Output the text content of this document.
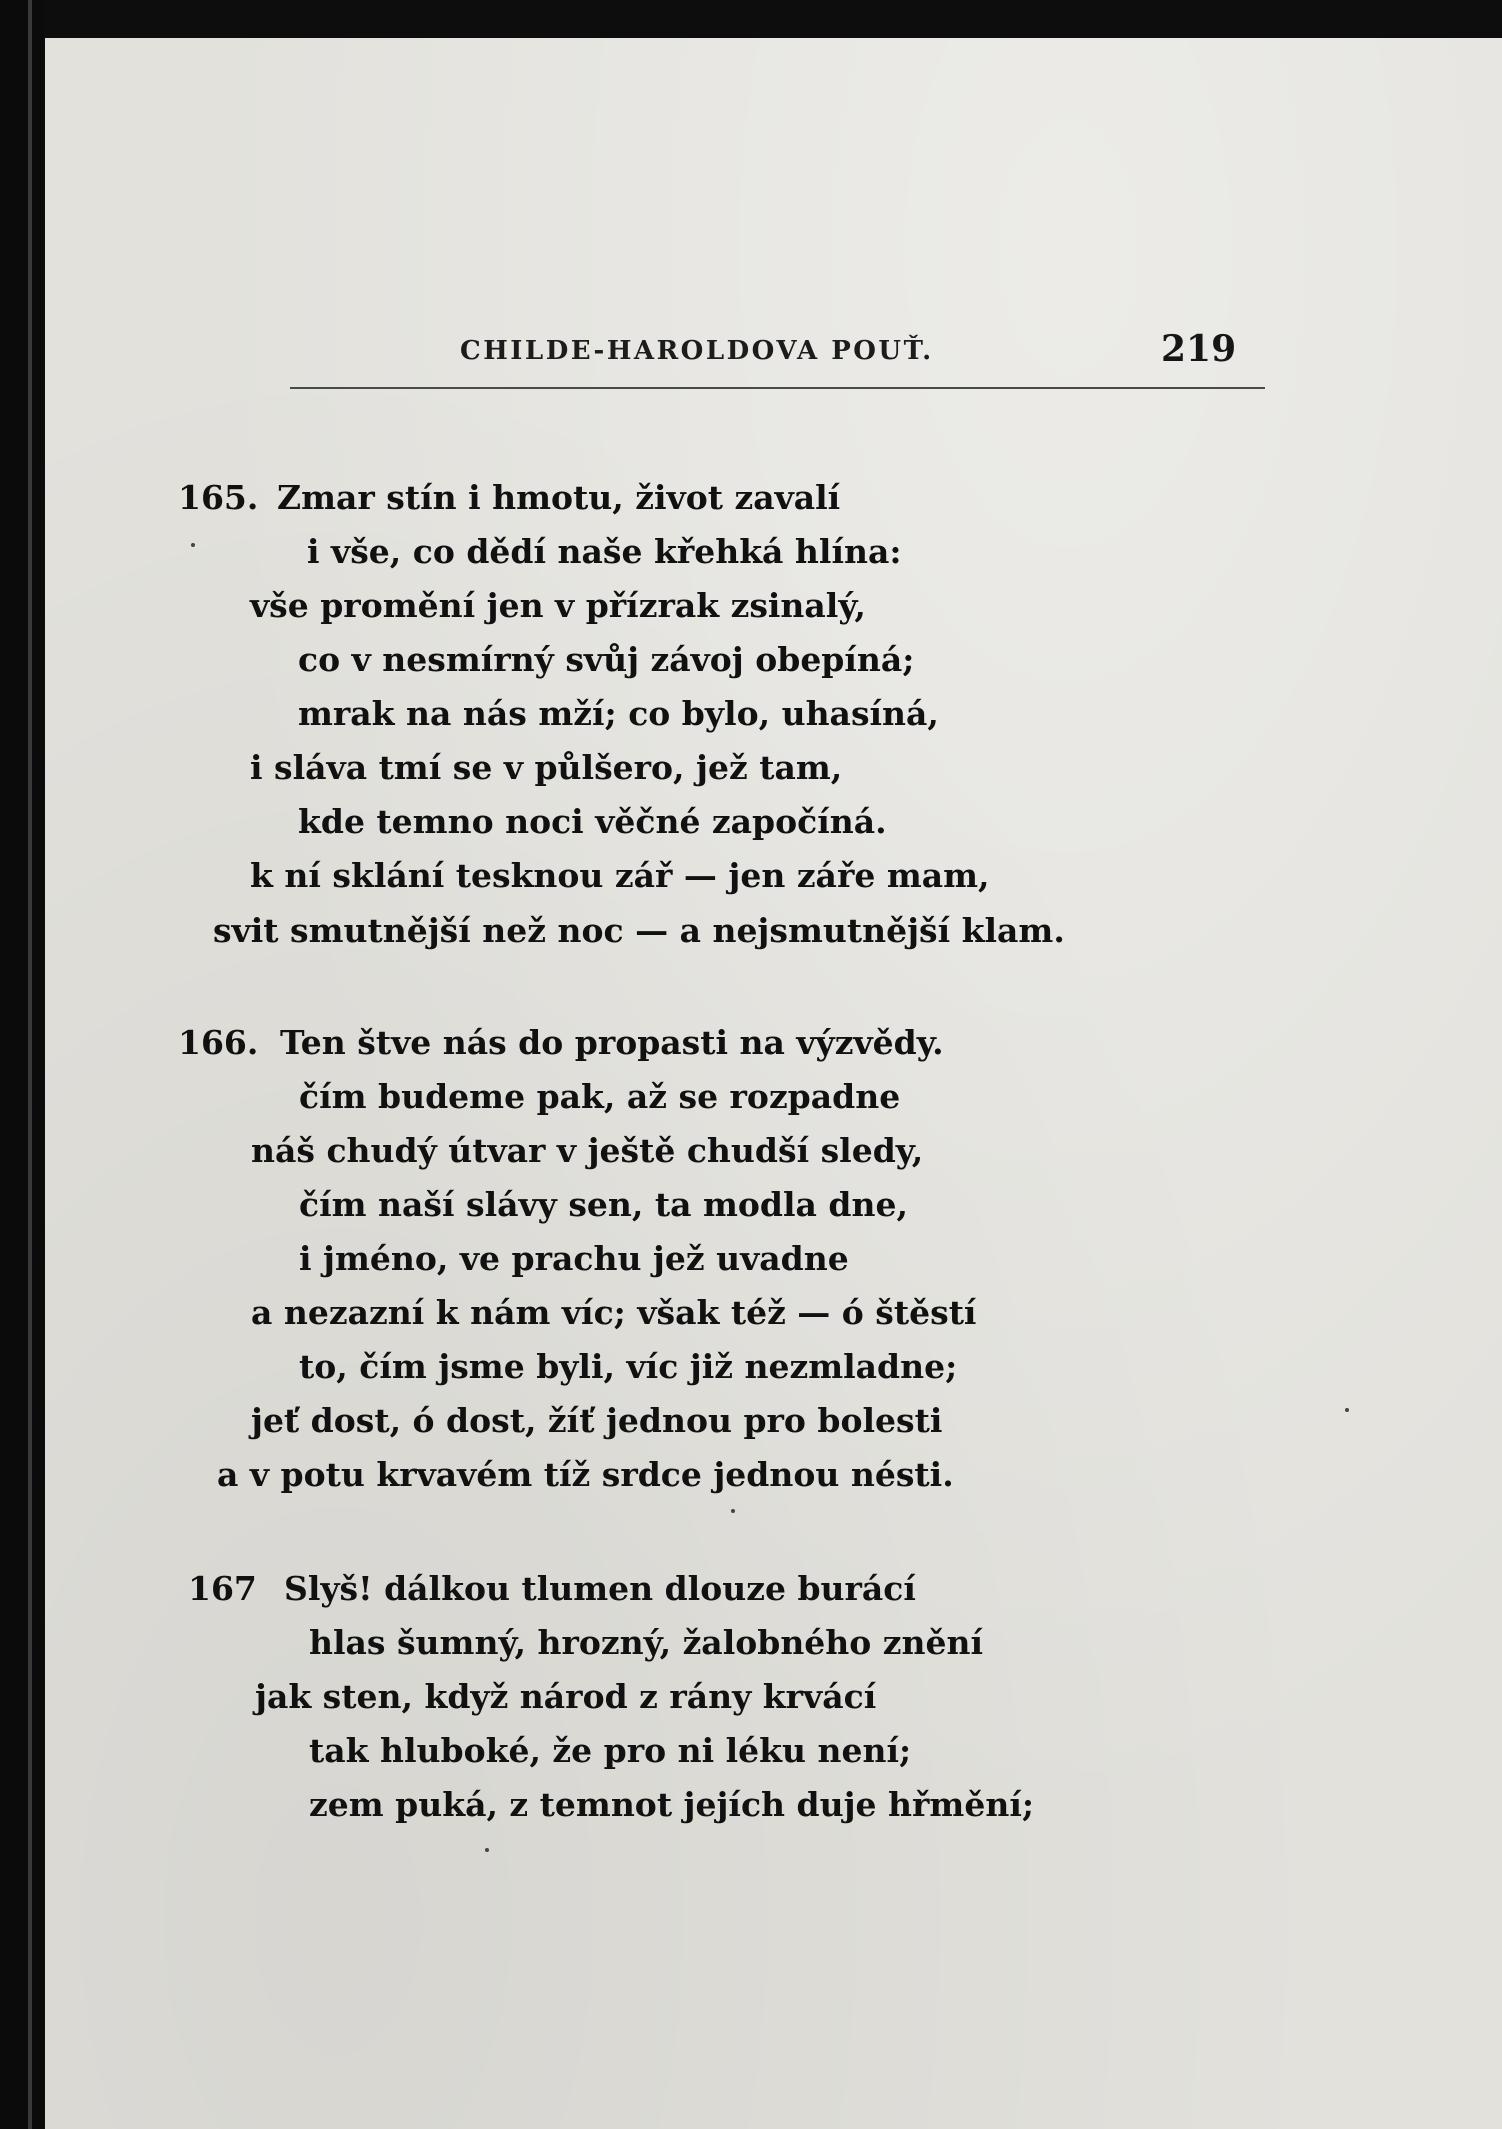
CHILDE-HAROLDOVA POUŤ.	219
165. Zmar stín i hmotu, život zavalí
i vše, co dědí naše křehká hlína:
vše promění jen v přízrak zsinalý,
co v nesmírný svůj závoj obepíná;
mrak na nás mží; co bylo, uhasíná,
i sláva tmí se v půlšero, jež tam,
kde temno noci věčné započíná.
k ní sklání tesknou zář — jen záře mam,
svit smutnější než noc — a nejsmutnější klam.
166. Ten štve nás do propasti na výzvědy.
čím budeme pak, až se rozpadne
náš chudý útvar v ještě chudší sledy,
čím naší slávy sen, ta modla dne,
i jméno, ve prachu jež uvadne
a nezazní k nám víc; však též — ó štěstí
to, čím jsme byli, víc již nezmladne;
jeť dost, ó dost, žíť jednou pro bolesti
a v potu krvavém tíž srdce jednou nésti.
167 Slyš! dálkou tlumen dlouze burácí
hlas šumný, hrozný, žalobného znění
jak sten, když národ z rány krvácí
tak hluboké, že pro ni léku není;
zem puká, z temnot jejích duje hřmění;
